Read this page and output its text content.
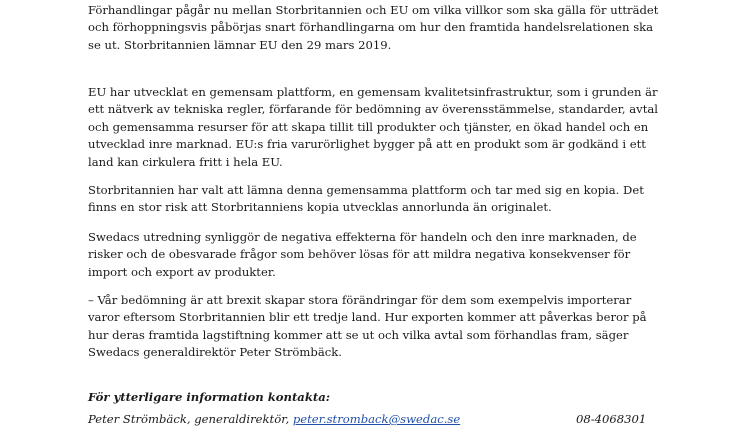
Förhandlingar pågår nu mellan Storbritannien och EU om vilka villkor som ska gälla för utträdet
och förhoppningsvis påbörjas snart förhandlingarna om hur den framtida handelsrelationen ska
se ut. Storbritannien lämnar EU den 29 mars 2019.
EU har utvecklat en gemensam plattform, en gemensam kvalitetsinfrastruktur, som i grunden är
ett nätverk av tekniska regler, förfarande för bedömning av överensstämmelse, standarder, avtal
och gemensamma resurser för att skapa tillit till produkter och tjänster, en ökad handel och en
utvecklad inre marknad. EU:s fria varurörlighet bygger på att en produkt som är godkänd i ett
land kan cirkulera fritt i hela EU.
Storbritannien har valt att lämna denna gemensamma plattform och tar med sig en kopia. Det
finns en stor risk att Storbritanniens kopia utvecklas annorlunda än originalet.
Swedacs utredning synliggör de negativa effekterna för handeln och den inre marknaden, de
risker och de obesvarade frågor som behöver lösas för att mildra negativa konsekvenser för
import och export av produkter.
– Vår bedömning är att brexit skapar stora förändringar för dem som exempelvis importerar
varor eftersom Storbritannien blir ett tredje land. Hur exporten kommer att påverkas beror på
hur deras framtida lagstiftning kommer att se ut och vilka avtal som förhandlas fram, säger
Swedacs generaldirektör Peter Strömbäck.
För ytterligare information kontakta:
Peter Strömbäck, generaldirektör, peter.stromback@swedac.se	08-4068301
